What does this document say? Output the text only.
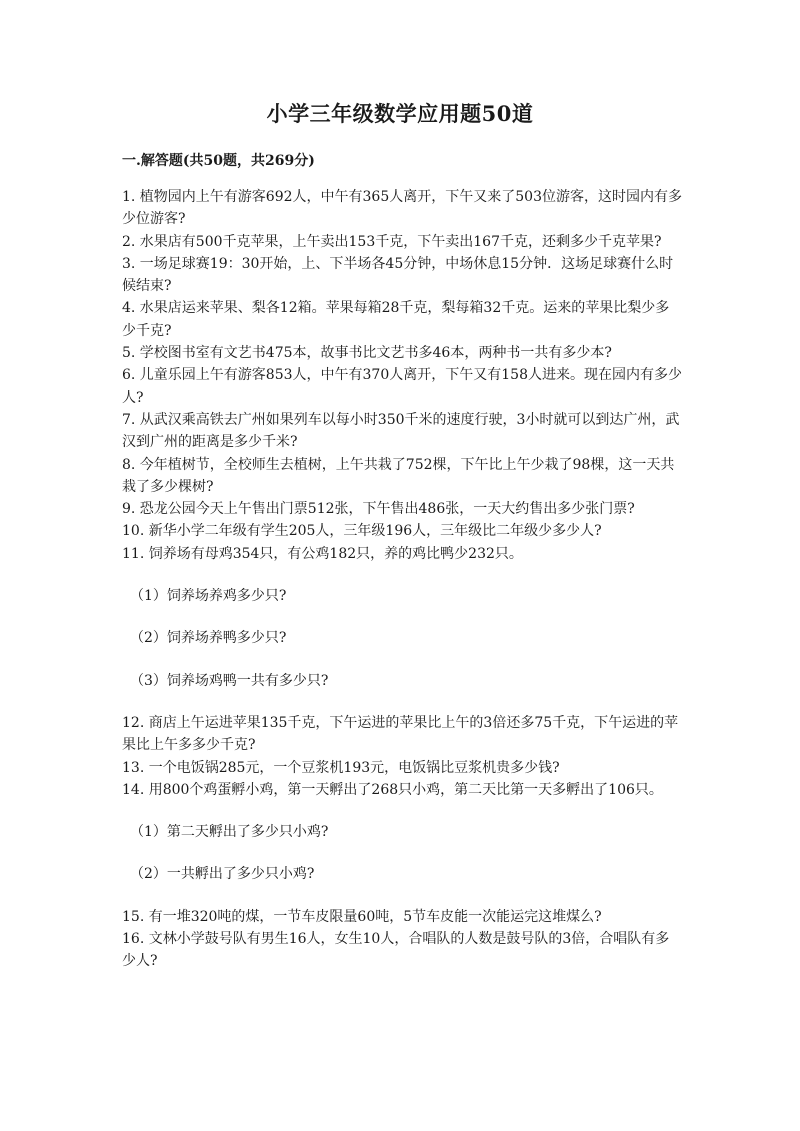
小学三年级数学应用题50道
一.解答题(共50题，共269分)

1. 植物园内上午有游客692人，中午有365人离开，下午又来了503位游客，这时园内有多少位游客?

2. 水果店有500千克苹果，上午卖出153千克，下午卖出167千克，还剩多少千克苹果?

3. 一场足球赛19：30开始，上、下半场各45分钟，中场休息15分钟．这场足球赛什么时候结束?

4. 水果店运来苹果、梨各12箱。苹果每箱28千克，梨每箱32千克。运来的苹果比梨少多少千克?

5. 学校图书室有文艺书475本，故事书比文艺书多46本，两种书一共有多少本?

6. 儿童乐园上午有游客853人，中午有370人离开，下午又有158人进来。现在园内有多少人?

7. 从武汉乘高铁去广州如果列车以每小时350千米的速度行驶，3小时就可以到达广州，武汉到广州的距离是多少千米?

8. 今年植树节，全校师生去植树，上午共栽了752棵，下午比上午少栽了98棵，这一天共栽了多少棵树?

9. 恐龙公园今天上午售出门票512张，下午售出486张，一天大约售出多少张门票?

10. 新华小学二年级有学生205人，三年级196人，三年级比二年级少多少人?

11. 饲养场有母鸡354只，有公鸡182只，养的鸡比鸭少232只。

（1）饲养场养鸡多少只?

（2）饲养场养鸭多少只?

（3）饲养场鸡鸭一共有多少只?

12. 商店上午运进苹果135千克，下午运进的苹果比上午的3倍还多75千克，下午运进的苹果比上午多多少千克?

13. 一个电饭锅285元，一个豆浆机193元，电饭锅比豆浆机贵多少钱?

14. 用800个鸡蛋孵小鸡，第一天孵出了268只小鸡，第二天比第一天多孵出了106只。

（1）第二天孵出了多少只小鸡?

（2）一共孵出了多少只小鸡?

15. 有一堆320吨的煤，一节车皮限量60吨，5节车皮能一次能运完这堆煤么?

16. 文林小学鼓号队有男生16人，女生10人，合唱队的人数是鼓号队的3倍，合唱队有多少人?
